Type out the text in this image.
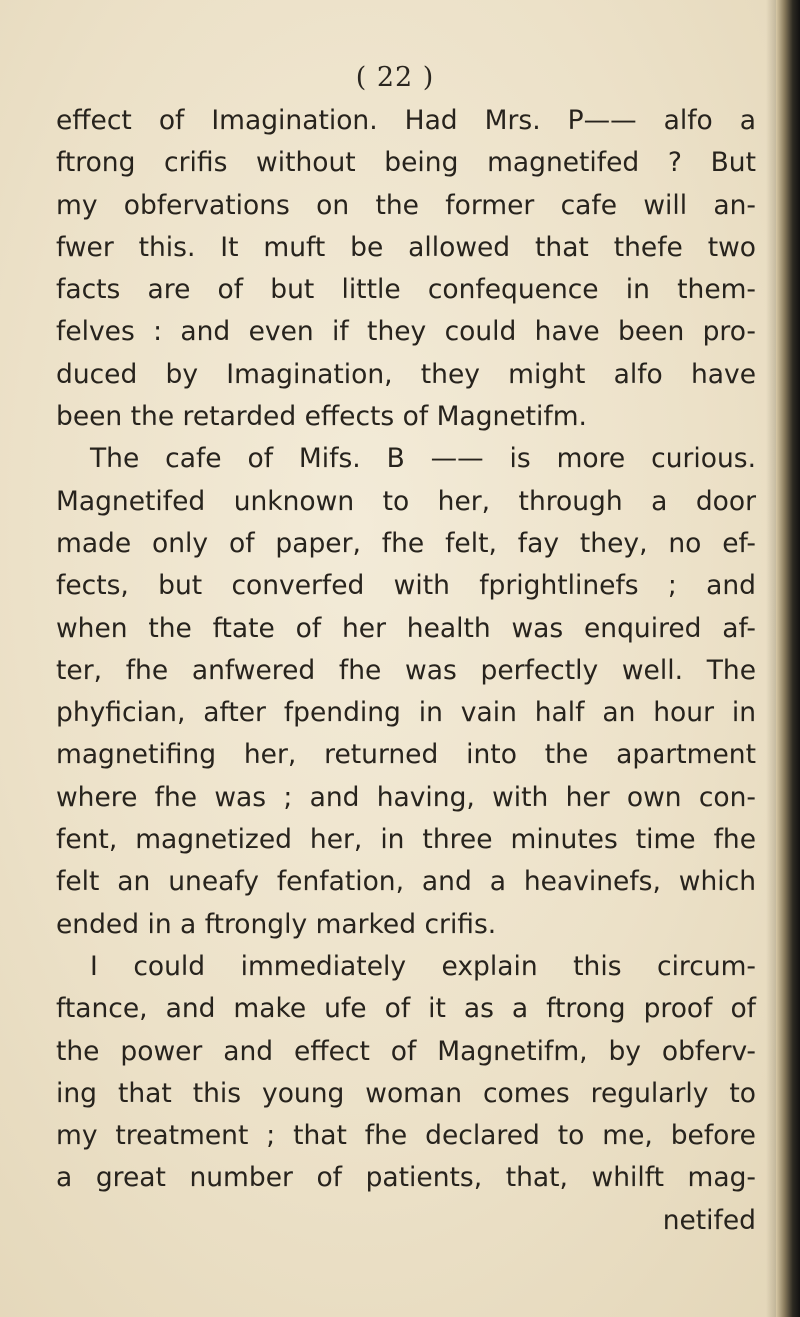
( 22 )
effect of Imagination. Had Mrs. P—— alfo a
ftrong crifis without being magnetifed ? But
my obfervations on the former cafe will an-
fwer this. It muft be allowed that thefe two
facts are of but little confequence in them-
felves : and even if they could have been pro-
duced by Imagination, they might alfo have
been the retarded effects of Magnetifm.
The cafe of Mifs. B —— is more curious.
Magnetifed unknown to her, through a door
made only of paper, fhe felt, fay they, no ef-
fects, but converfed with fprightlinefs ; and
when the ftate of her health was enquired af-
ter, fhe anfwered fhe was perfectly well. The
phyfician, after fpending in vain half an hour in
magnetifing her, returned into the apartment
where fhe was ; and having, with her own con-
fent, magnetized her, in three minutes time fhe
felt an uneafy fenfation, and a heavinefs, which
ended in a ftrongly marked crifis.
I could immediately explain this circum-
ftance, and make ufe of it as a ftrong proof of
the power and effect of Magnetifm, by obferv-
ing that this young woman comes regularly to
my treatment ; that fhe declared to me, before
a great number of patients, that, whilft mag-
netifed
